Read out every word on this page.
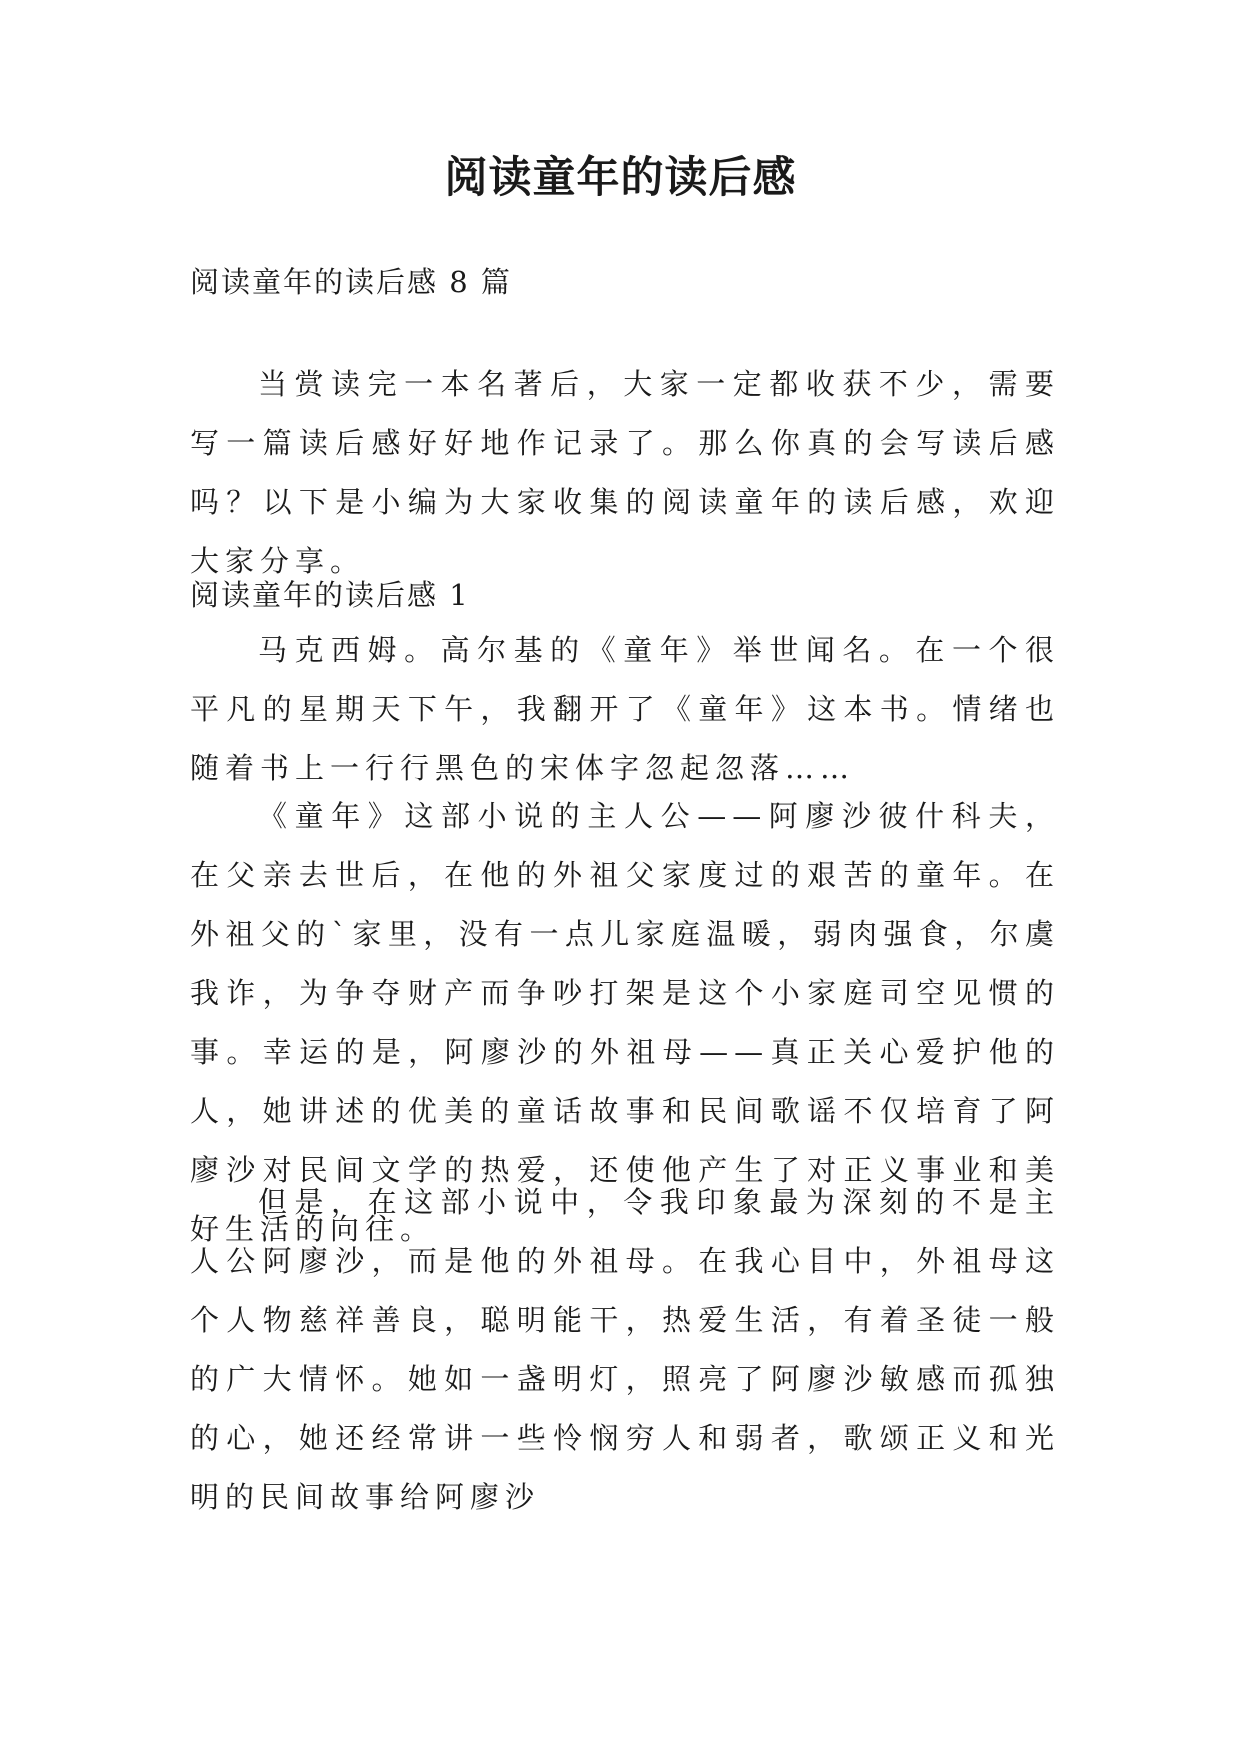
阅读童年的读后感

阅读童年的读后感 8 篇

当赏读完一本名著后，大家一定都收获不少，需要写一篇读后感好好地作记录了。那么你真的会写读后感吗？以下是小编为大家收集的阅读童年的读后感，欢迎大家分享。

阅读童年的读后感 1

马克西姆。高尔基的《童年》举世闻名。在一个很平凡的星期天下午，我翻开了《童年》这本书。情绪也随着书上一行行黑色的宋体字忽起忽落……

《童年》这部小说的主人公——阿廖沙彼什科夫，在父亲去世后，在他的外祖父家度过的艰苦的童年。在外祖父的`家里，没有一点儿家庭温暖，弱肉强食，尔虞我诈，为争夺财产而争吵打架是这个小家庭司空见惯的事。幸运的是，阿廖沙的外祖母——真正关心爱护他的人，她讲述的优美的童话故事和民间歌谣不仅培育了阿廖沙对民间文学的热爱，还使他产生了对正义事业和美好生活的向往。

但是，在这部小说中，令我印象最为深刻的不是主人公阿廖沙，而是他的外祖母。在我心目中，外祖母这个人物慈祥善良，聪明能干，热爱生活，有着圣徒一般的广大情怀。她如一盏明灯，照亮了阿廖沙敏感而孤独的心，她还经常讲一些怜悯穷人和弱者，歌颂正义和光明的民间故事给阿廖沙
